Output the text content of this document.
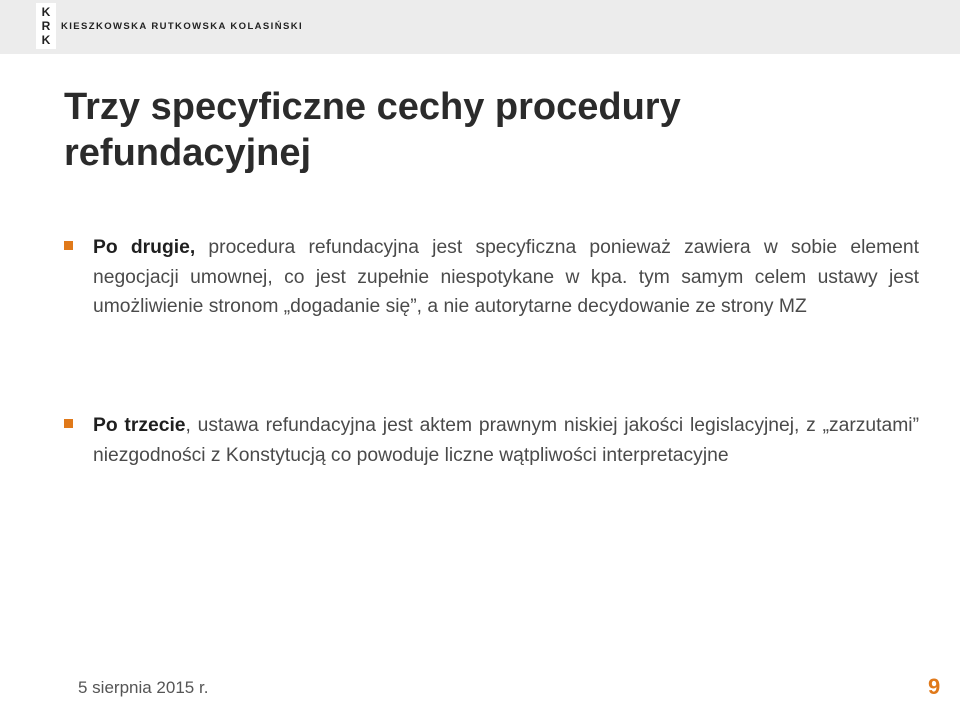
K
R
K
KIESZKOWSKA RUTKOWSKA KOLASIŃSKI
Trzy specyficzne cechy procedury refundacyjnej

Po drugie, procedura refundacyjna jest specyficzna ponieważ zawiera w sobie element negocjacji umownej, co jest zupełnie niespotykane w kpa. tym samym celem ustawy jest umożliwienie stronom „dogadanie się”, a nie autorytarne decydowanie ze strony MZ

Po trzecie, ustawa refundacyjna jest aktem prawnym niskiej jakości legislacyjnej, z „zarzutami” niezgodności z Konstytucją co powoduje liczne wątpliwości interpretacyjne

5 sierpnia 2015 r.	9
